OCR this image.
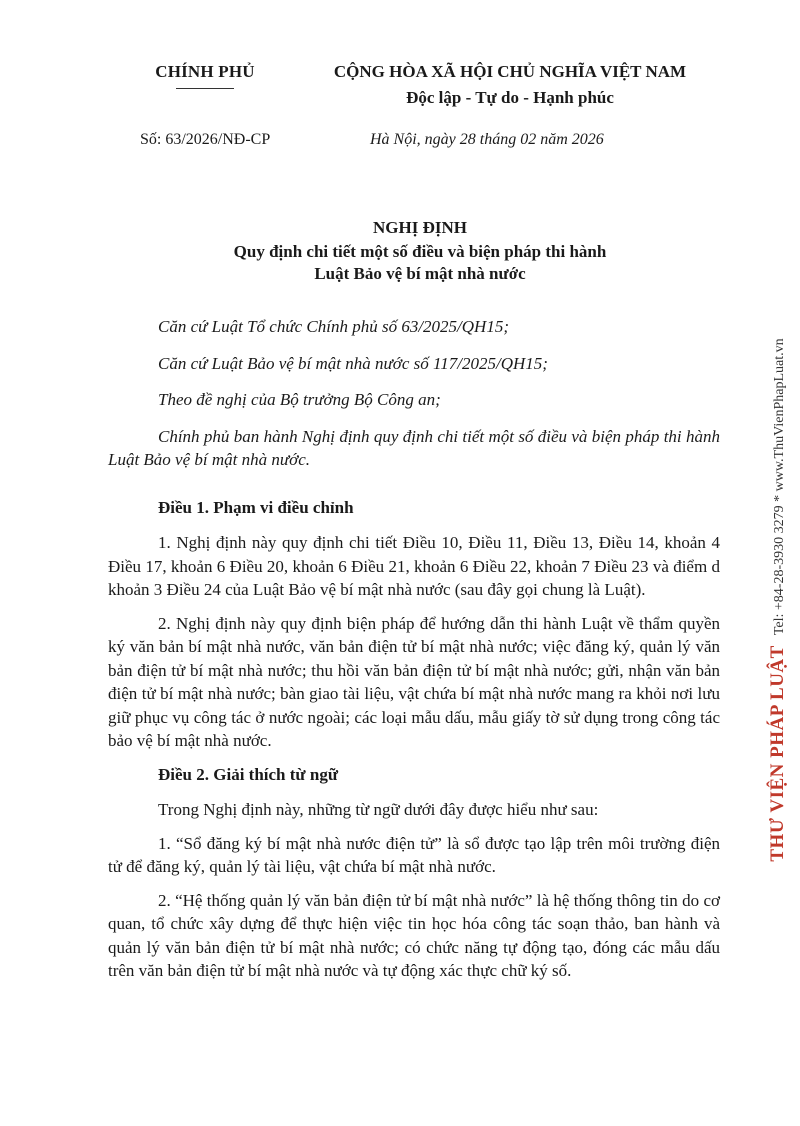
CHÍNH PHỦ	CỘNG HÒA XÃ HỘI CHỦ NGHĨA VIỆT NAM
Độc lập - Tự do - Hạnh phúc
Số: 63/2026/NĐ-CP	Hà Nội, ngày 28 tháng 02 năm 2026
NGHỊ ĐỊNH
Quy định chi tiết một số điều và biện pháp thi hành
Luật Bảo vệ bí mật nhà nước

Căn cứ Luật Tổ chức Chính phủ số 63/2025/QH15;

Căn cứ Luật Bảo vệ bí mật nhà nước số 117/2025/QH15;

Theo đề nghị của Bộ trưởng Bộ Công an;

Chính phủ ban hành Nghị định quy định chi tiết một số điều và biện pháp thi hành Luật Bảo vệ bí mật nhà nước.

Điều 1. Phạm vi điều chỉnh

1. Nghị định này quy định chi tiết Điều 10, Điều 11, Điều 13, Điều 14, khoản 4 Điều 17, khoản 6 Điều 20, khoản 6 Điều 21, khoản 6 Điều 22, khoản 7 Điều 23 và điểm d khoản 3 Điều 24 của Luật Bảo vệ bí mật nhà nước (sau đây gọi chung là Luật).

2. Nghị định này quy định biện pháp để hướng dẫn thi hành Luật về thẩm quyền ký văn bản bí mật nhà nước, văn bản điện tử bí mật nhà nước; việc đăng ký, quản lý văn bản điện tử bí mật nhà nước; thu hồi văn bản điện tử bí mật nhà nước; gửi, nhận văn bản điện tử bí mật nhà nước; bàn giao tài liệu, vật chứa bí mật nhà nước mang ra khỏi nơi lưu giữ phục vụ công tác ở nước ngoài; các loại mẫu dấu, mẫu giấy tờ sử dụng trong công tác bảo vệ bí mật nhà nước.

Điều 2. Giải thích từ ngữ

Trong Nghị định này, những từ ngữ dưới đây được hiểu như sau:

1. “Sổ đăng ký bí mật nhà nước điện tử” là sổ được tạo lập trên môi trường điện tử để đăng ký, quản lý tài liệu, vật chứa bí mật nhà nước.

2. “Hệ thống quản lý văn bản điện tử bí mật nhà nước” là hệ thống thông tin do cơ quan, tổ chức xây dựng để thực hiện việc tin học hóa công tác soạn thảo, ban hành và quản lý văn bản điện tử bí mật nhà nước; có chức năng tự động tạo, đóng các mẫu dấu trên văn bản điện tử bí mật nhà nước và tự động xác thực chữ ký số.

THƯ VIỆN PHÁP LUẬT Tel: +84-28-3930 3279 * www.ThuVienPhapLuat.vn
